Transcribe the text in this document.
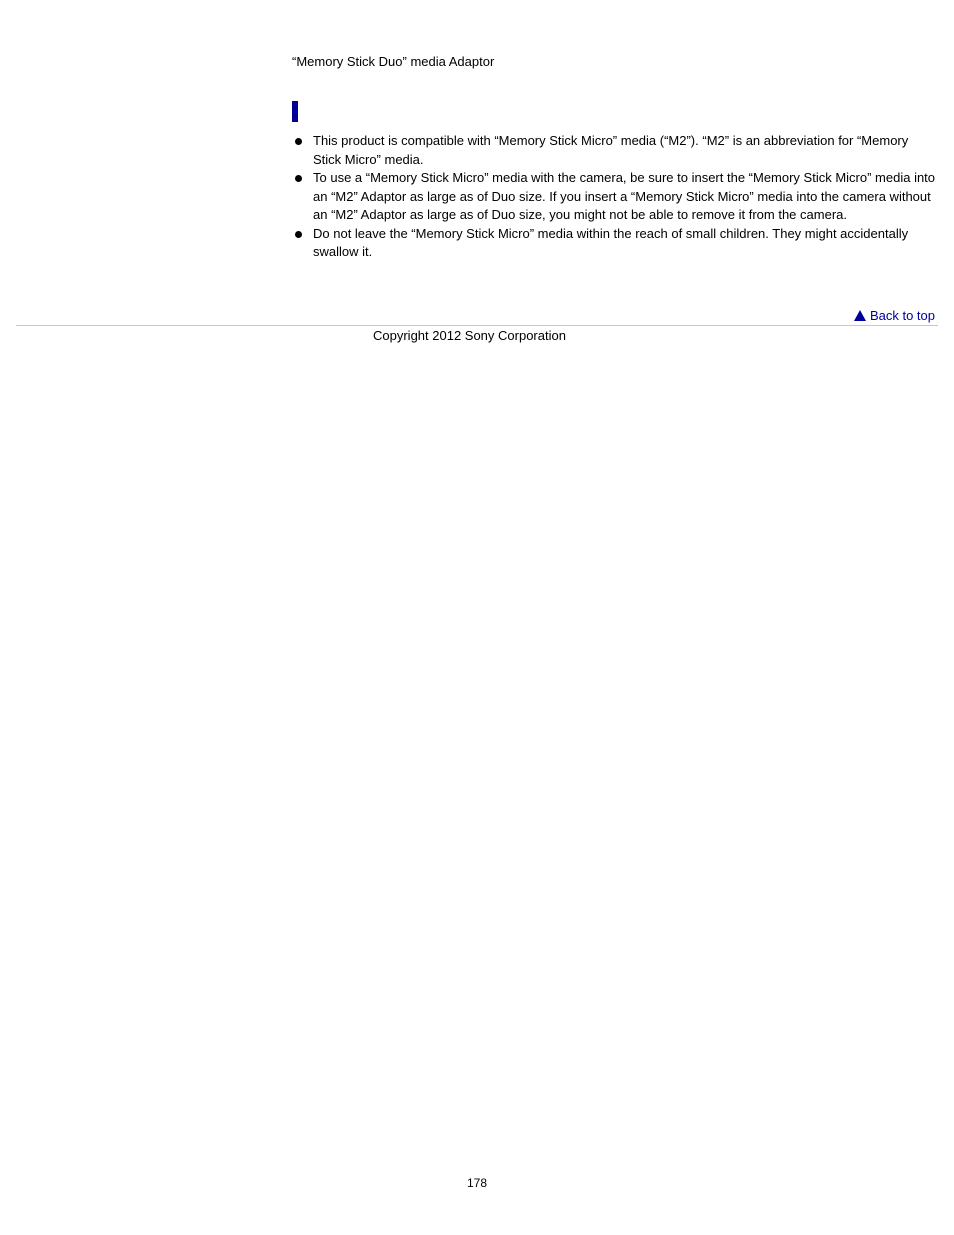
“Memory Stick Duo” media Adaptor
This product is compatible with “Memory Stick Micro” media (“M2”). “M2” is an abbreviation for “Memory Stick Micro” media.
To use a “Memory Stick Micro” media with the camera, be sure to insert the “Memory Stick Micro” media into an “M2” Adaptor as large as of Duo size. If you insert a “Memory Stick Micro” media into the camera without an “M2” Adaptor as large as of Duo size, you might not be able to remove it from the camera.
Do not leave the “Memory Stick Micro” media within the reach of small children. They might accidentally swallow it.
Back to top
Copyright 2012 Sony Corporation
178
